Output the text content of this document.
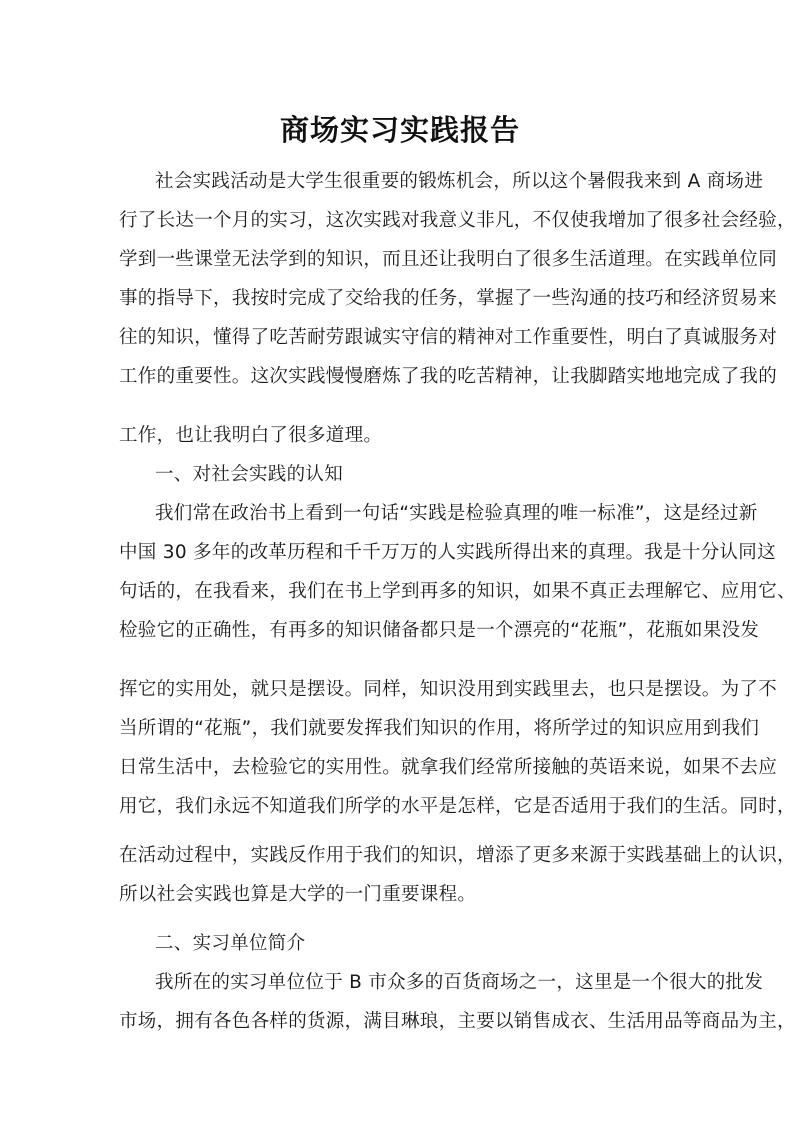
商场实习实践报告
社会实践活动是大学生很重要的锻炼机会，所以这个暑假我来到 A 商场进
行了长达一个月的实习，这次实践对我意义非凡，不仅使我增加了很多社会经验，
学到一些课堂无法学到的知识，而且还让我明白了很多生活道理。在实践单位同
事的指导下，我按时完成了交给我的任务，掌握了一些沟通的技巧和经济贸易来
往的知识，懂得了吃苦耐劳跟诚实守信的精神对工作重要性，明白了真诚服务对
工作的重要性。这次实践慢慢磨炼了我的吃苦精神，让我脚踏实地地完成了我的
工作，也让我明白了很多道理。
一、对社会实践的认知
我们常在政治书上看到一句话“实践是检验真理的唯一标准”，这是经过新
中国 30 多年的改革历程和千千万万的人实践所得出来的真理。我是十分认同这
句话的，在我看来，我们在书上学到再多的知识，如果不真正去理解它、应用它、
检验它的正确性，有再多的知识储备都只是一个漂亮的“花瓶”，花瓶如果没发
挥它的实用处，就只是摆设。同样，知识没用到实践里去，也只是摆设。为了不
当所谓的“花瓶”，我们就要发挥我们知识的作用，将所学过的知识应用到我们
日常生活中，去检验它的实用性。就拿我们经常所接触的英语来说，如果不去应
用它，我们永远不知道我们所学的水平是怎样，它是否适用于我们的生活。同时，
在活动过程中，实践反作用于我们的知识，增添了更多来源于实践基础上的认识，
所以社会实践也算是大学的一门重要课程。
二、实习单位简介
我所在的实习单位位于 B 市众多的百货商场之一，这里是一个很大的批发
市场，拥有各色各样的货源，满目琳琅，主要以销售成衣、生活用品等商品为主，
